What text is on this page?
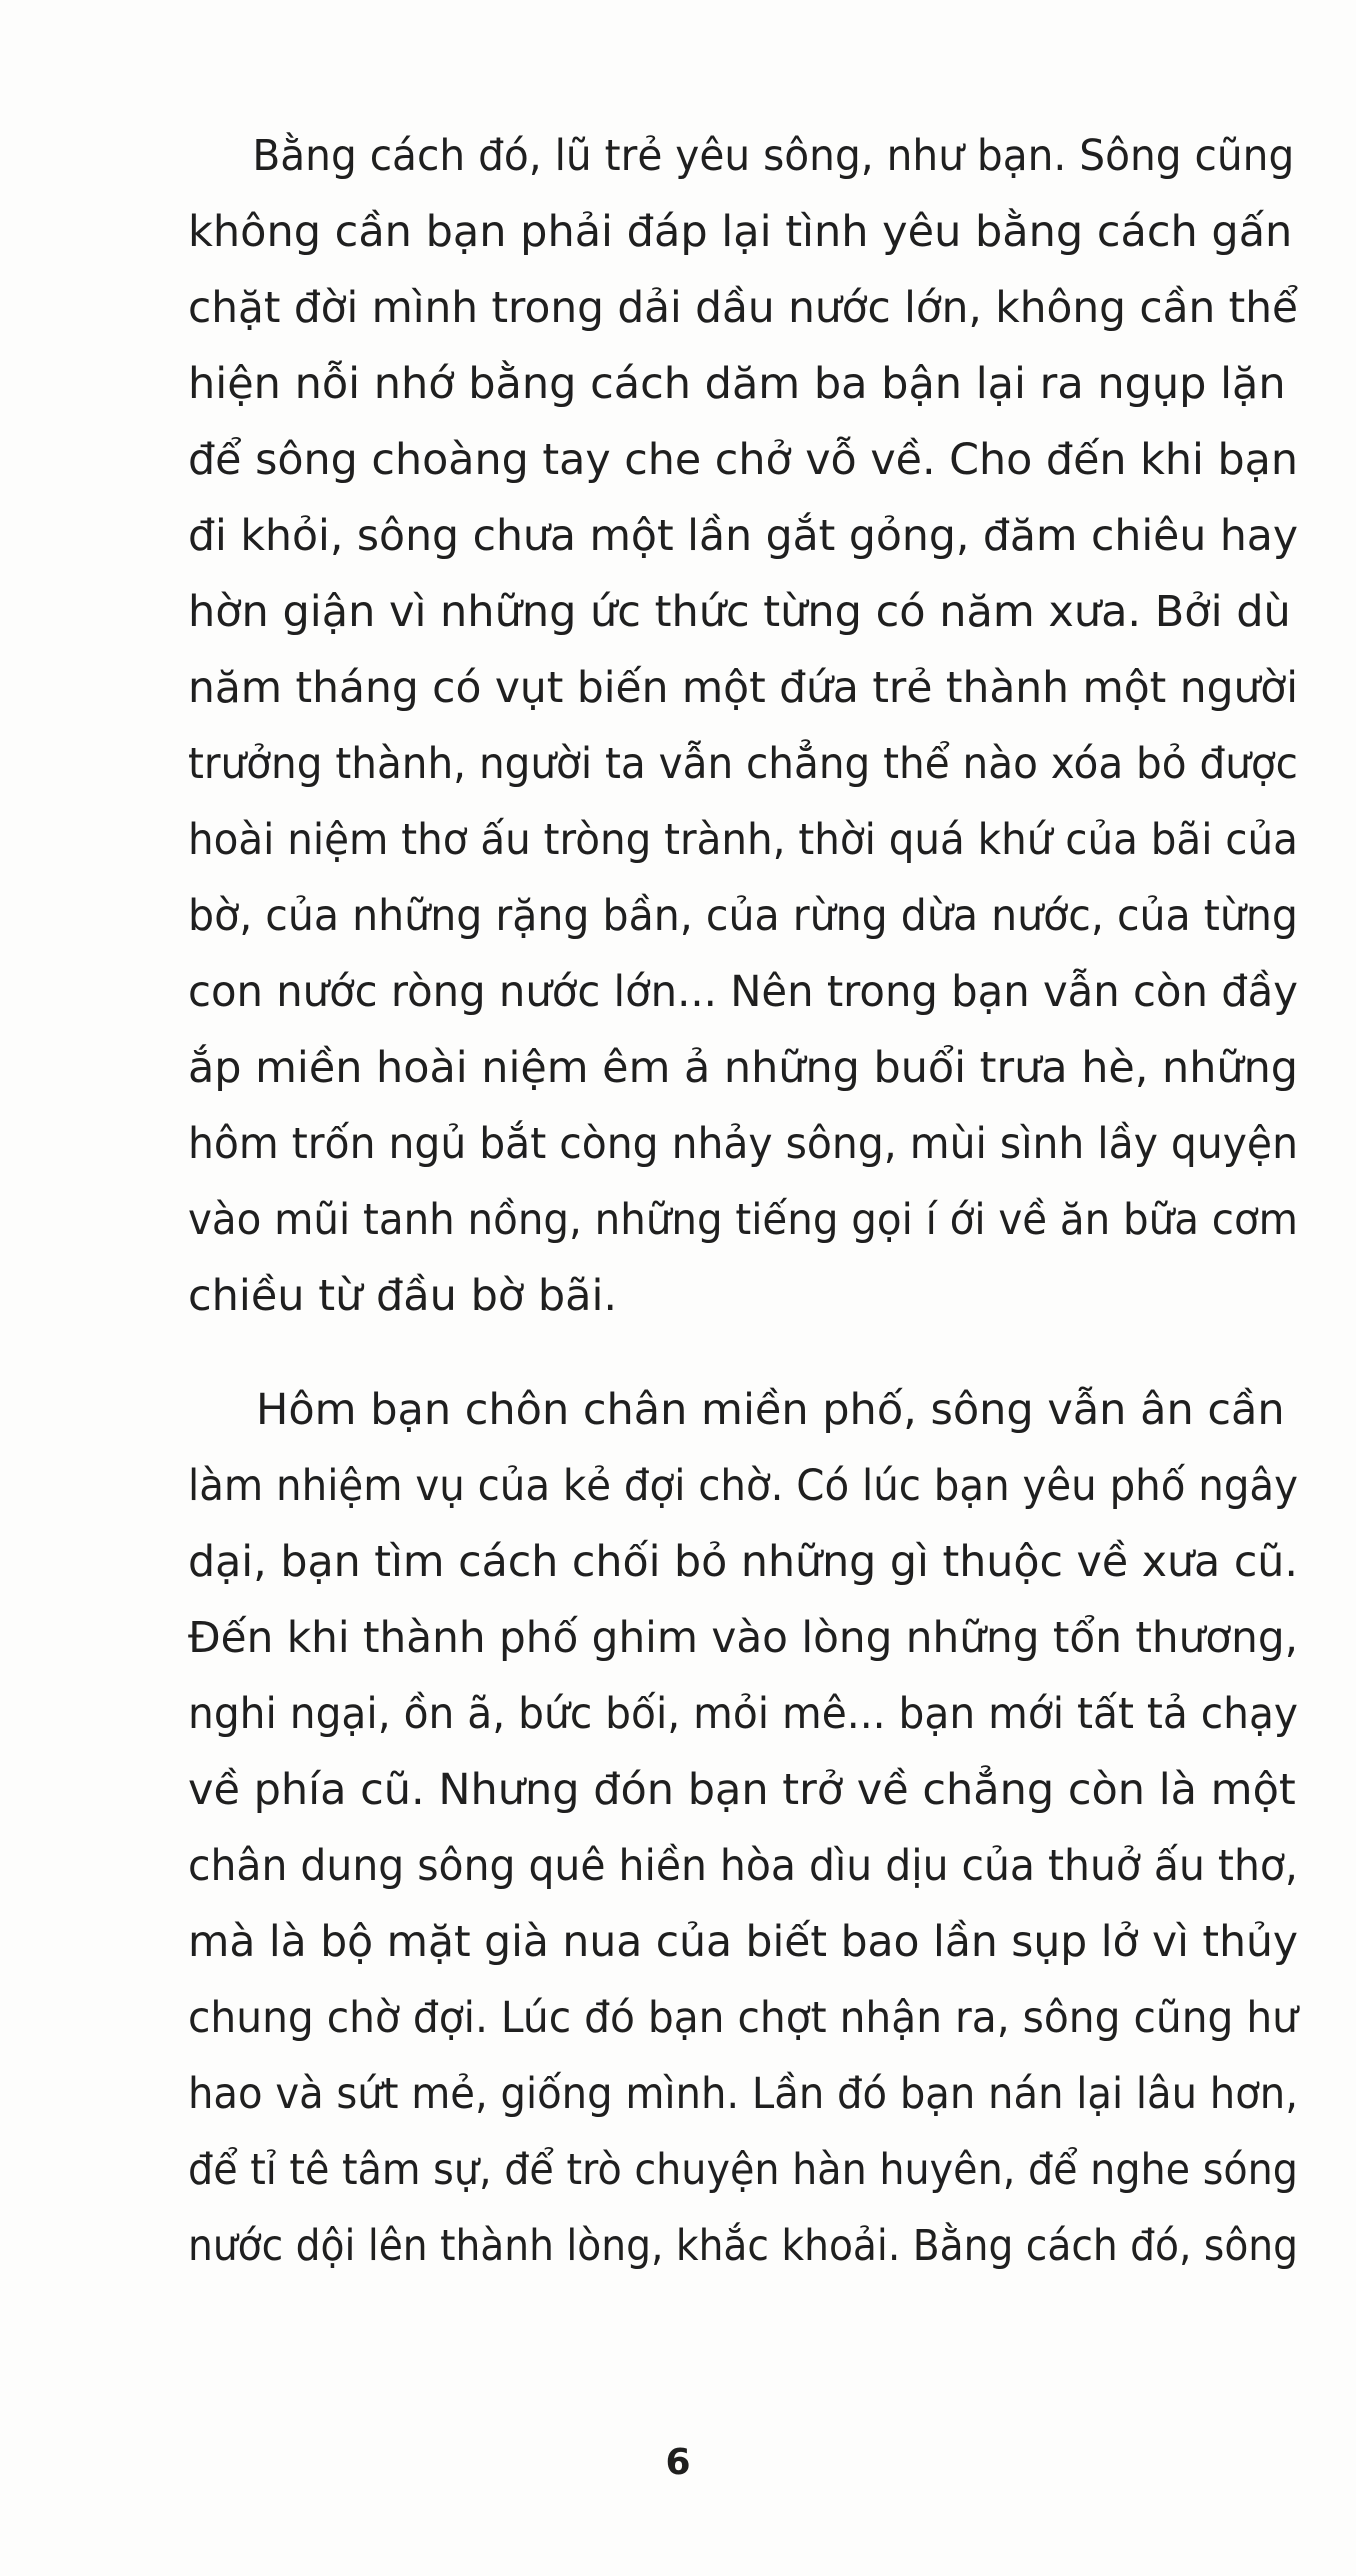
Bằng cách đó, lũ trẻ yêu sông, như bạn. Sông cũng
không cần bạn phải đáp lại tình yêu bằng cách gấn
chặt đời mình trong dải dầu nước lớn, không cần thể
hiện nỗi nhớ bằng cách dăm ba bận lại ra ngụp lặn
để sông choàng tay che chở vỗ về. Cho đến khi bạn
đi khỏi, sông chưa một lần gắt gỏng, đăm chiêu hay
hờn giận vì những ức thức từng có năm xưa. Bởi dù
năm tháng có vụt biến một đứa trẻ thành một người
trưởng thành, người ta vẫn chẳng thể nào xóa bỏ được
hoài niệm thơ ấu tròng trành, thời quá khứ của bãi của
bờ, của những rặng bần, của rừng dừa nước, của từng
con nước ròng nước lớn... Nên trong bạn vẫn còn đầy
ắp miền hoài niệm êm ả những buổi trưa hè, những
hôm trốn ngủ bắt còng nhảy sông, mùi sình lầy quyện
vào mũi tanh nồng, những tiếng gọi í ới về ăn bữa cơm
chiều từ đầu bờ bãi.
Hôm bạn chôn chân miền phố, sông vẫn ân cần
làm nhiệm vụ của kẻ đợi chờ. Có lúc bạn yêu phố ngây
dại, bạn tìm cách chối bỏ những gì thuộc về xưa cũ.
Đến khi thành phố ghim vào lòng những tổn thương,
nghi ngại, ồn ã, bức bối, mỏi mê... bạn mới tất tả chạy
về phía cũ. Nhưng đón bạn trở về chẳng còn là một
chân dung sông quê hiền hòa dìu dịu của thuở ấu thơ,
mà là bộ mặt già nua của biết bao lần sụp lở vì thủy
chung chờ đợi. Lúc đó bạn chợt nhận ra, sông cũng hư
hao và sứt mẻ, giống mình. Lần đó bạn nán lại lâu hơn,
để tỉ tê tâm sự, để trò chuyện hàn huyên, để nghe sóng
nước dội lên thành lòng, khắc khoải. Bằng cách đó, sông
6
